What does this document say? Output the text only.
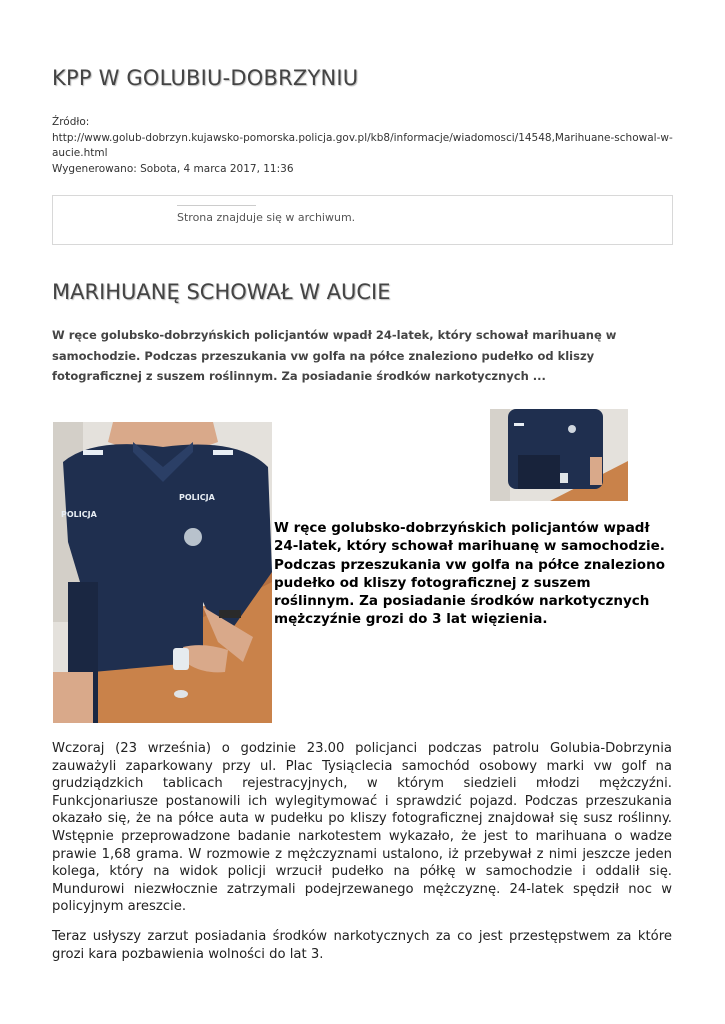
KPP W GOLUBIU-DOBRZYNIU
Źródło:
http://www.golub-dobrzyn.kujawsko-pomorska.policja.gov.pl/kb8/informacje/wiadomosci/14548,Marihuane-schowal-w-aucie.html
Wygenerowano: Sobota, 4 marca 2017, 11:36
Strona znajduje się w archiwum.
MARIHUANĘ SCHOWAŁ W AUCIE
W ręce golubsko-dobrzyńskich policjantów wpadł 24-latek, który schował marihuanę w samochodzie. Podczas przeszukania vw golfa na półce znaleziono pudełko od kliszy fotograficznej z suszem roślinnym. Za posiadanie środków narkotycznych ...
POLICJA
POLICJA
W ręce golubsko-dobrzyńskich policjantów wpadł 24-latek, który schował marihuanę w samochodzie. Podczas przeszukania vw golfa na półce znaleziono pudełko od kliszy fotograficznej z suszem roślinnym. Za posiadanie środków narkotycznych mężczyźnie grozi do 3 lat więzienia.

Wczoraj (23 września) o godzinie 23.00 policjanci podczas patrolu Golubia-Dobrzynia zauważyli zaparkowany przy ul. Plac Tysiąclecia samochód osobowy marki vw golf na grudziądzkich tablicach rejestracyjnych, w którym siedzieli młodzi mężczyźni. Funkcjonariusze postanowili ich wylegitymować i sprawdzić pojazd. Podczas przeszukania okazało się, że na półce auta w pudełku po kliszy fotograficznej znajdował się susz roślinny. Wstępnie przeprowadzone badanie narkotestem wykazało, że jest to marihuana o wadze prawie 1,68 grama. W rozmowie z mężczyznami ustalono, iż przebywał z nimi jeszcze jeden kolega, który na widok policji wrzucił pudełko na półkę w samochodzie i oddalił się. Mundurowi niezwłocznie zatrzymali podejrzewanego mężczyznę. 24-latek spędził noc w policyjnym areszcie.

Teraz usłyszy zarzut posiadania środków narkotycznych za co jest przestępstwem za które grozi kara pozbawienia wolności do lat 3.
